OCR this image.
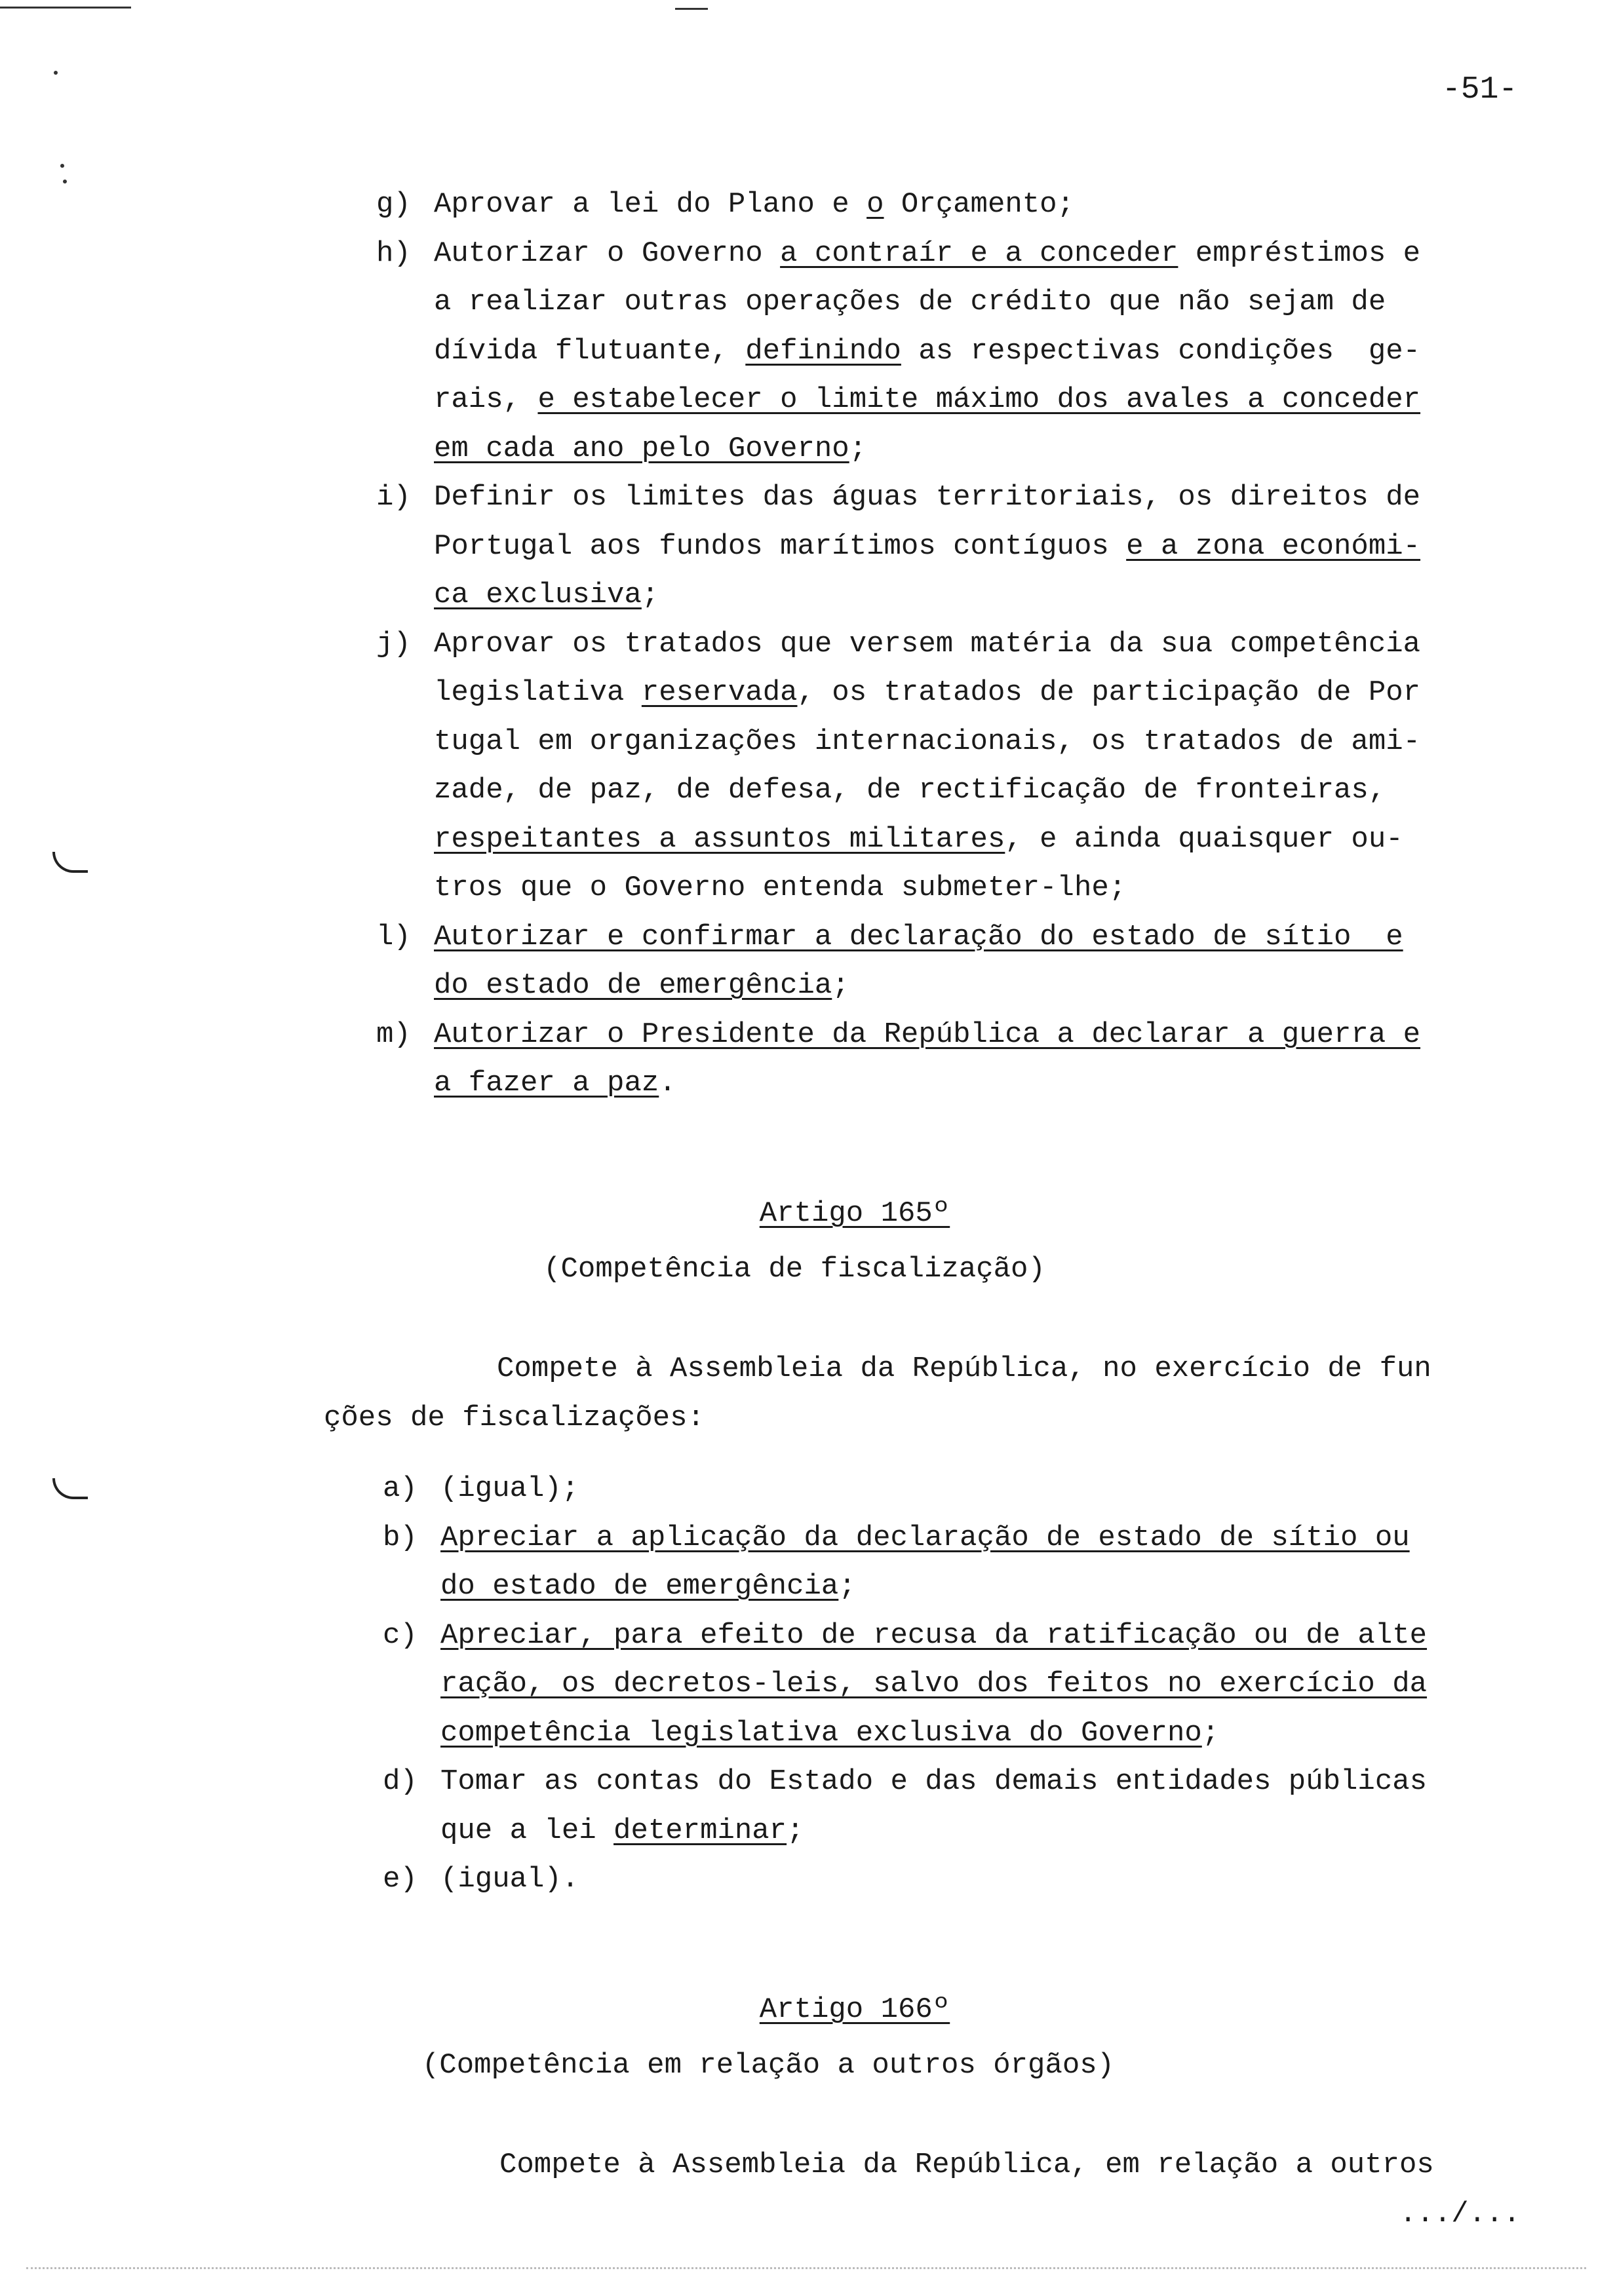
-51-
g) Aprovar a lei do Plano e o Orçamento;
h) Autorizar o Governo a contraír e a conceder empréstimos e
a realizar outras operações de crédito que não sejam de
dívida flutuante, definindo as respectivas condições  ge-
rais, e estabelecer o limite máximo dos avales a conceder
em cada ano pelo Governo;
i) Definir os limites das águas territoriais, os direitos de
Portugal aos fundos marítimos contíguos e a zona económi-
ca exclusiva;
j) Aprovar os tratados que versem matéria da sua competência
legislativa reservada, os tratados de participação de Por
tugal em organizações internacionais, os tratados de ami-
zade, de paz, de defesa, de rectificação de fronteiras,
respeitantes a assuntos militares, e ainda quaisquer ou-
tros que o Governo entenda submeter-lhe;
l) Autorizar e confirmar a declaração do estado de sítio  e
do estado de emergência;
m) Autorizar o Presidente da República a declarar a guerra e
a fazer a paz.
Artigo 165º
(Competência de fiscalização)
Compete à Assembleia da República, no exercício de fun
ções de fiscalizações:
a) (igual);
b) Apreciar a aplicação da declaração de estado de sítio ou
do estado de emergência;
c) Apreciar, para efeito de recusa da ratificação ou de alte
ração, os decretos-leis, salvo dos feitos no exercício da
competência legislativa exclusiva do Governo;
d) Tomar as contas do Estado e das demais entidades públicas
que a lei determinar;
e) (igual).
Artigo 166º
(Competência em relação a outros órgãos)
Compete à Assembleia da República, em relação a outros
.../...
